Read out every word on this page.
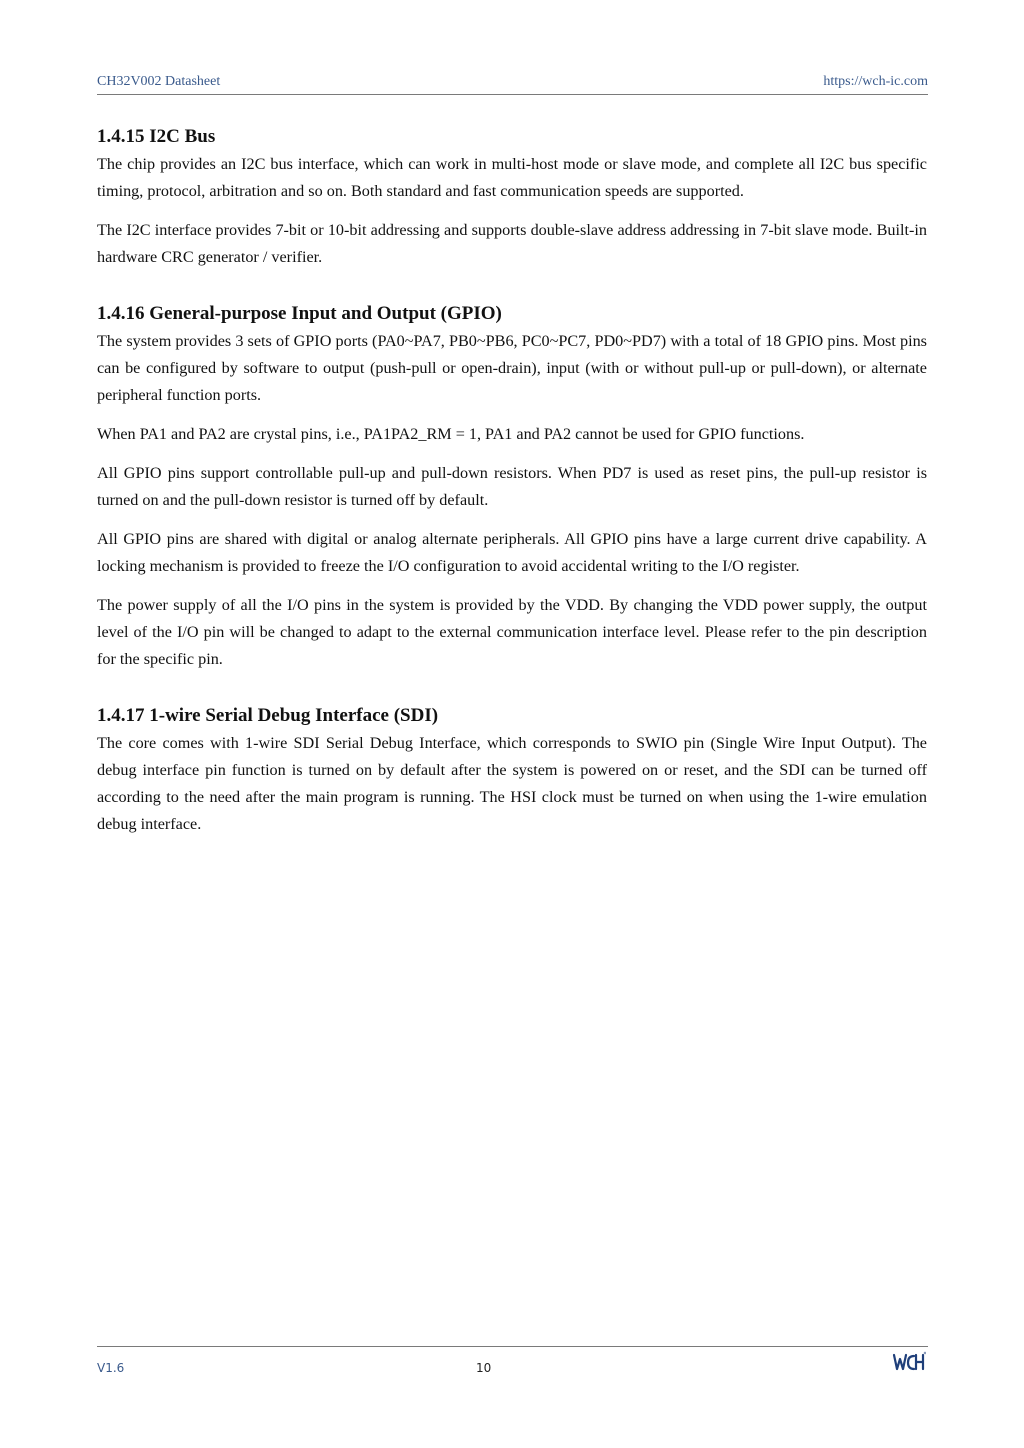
CH32V002 Datasheet	https://wch-ic.com
1.4.15 I2C Bus

The chip provides an I2C bus interface, which can work in multi-host mode or slave mode, and complete all I2C bus specific timing, protocol, arbitration and so on. Both standard and fast communication speeds are supported.

The I2C interface provides 7-bit or 10-bit addressing and supports double-slave address addressing in 7-bit slave mode. Built-in hardware CRC generator / verifier.

1.4.16 General-purpose Input and Output (GPIO)

The system provides 3 sets of GPIO ports (PA0~PA7, PB0~PB6, PC0~PC7, PD0~PD7) with a total of 18 GPIO pins. Most pins can be configured by software to output (push-pull or open-drain), input (with or without pull-up or pull-down), or alternate peripheral function ports.

When PA1 and PA2 are crystal pins, i.e., PA1PA2_RM = 1, PA1 and PA2 cannot be used for GPIO functions.

All GPIO pins support controllable pull-up and pull-down resistors. When PD7 is used as reset pins, the pull-up resistor is turned on and the pull-down resistor is turned off by default.

All GPIO pins are shared with digital or analog alternate peripherals. All GPIO pins have a large current drive capability. A locking mechanism is provided to freeze the I/O configuration to avoid accidental writing to the I/O register.

The power supply of all the I/O pins in the system is provided by the VDD. By changing the VDD power supply, the output level of the I/O pin will be changed to adapt to the external communication interface level. Please refer to the pin description for the specific pin.

1.4.17 1-wire Serial Debug Interface (SDI)

The core comes with 1-wire SDI Serial Debug Interface, which corresponds to SWIO pin (Single Wire Input Output). The debug interface pin function is turned on by default after the system is powered on or reset, and the SDI can be turned off according to the need after the main program is running. The HSI clock must be turned on when using the 1-wire emulation debug interface.

V1.6	10
